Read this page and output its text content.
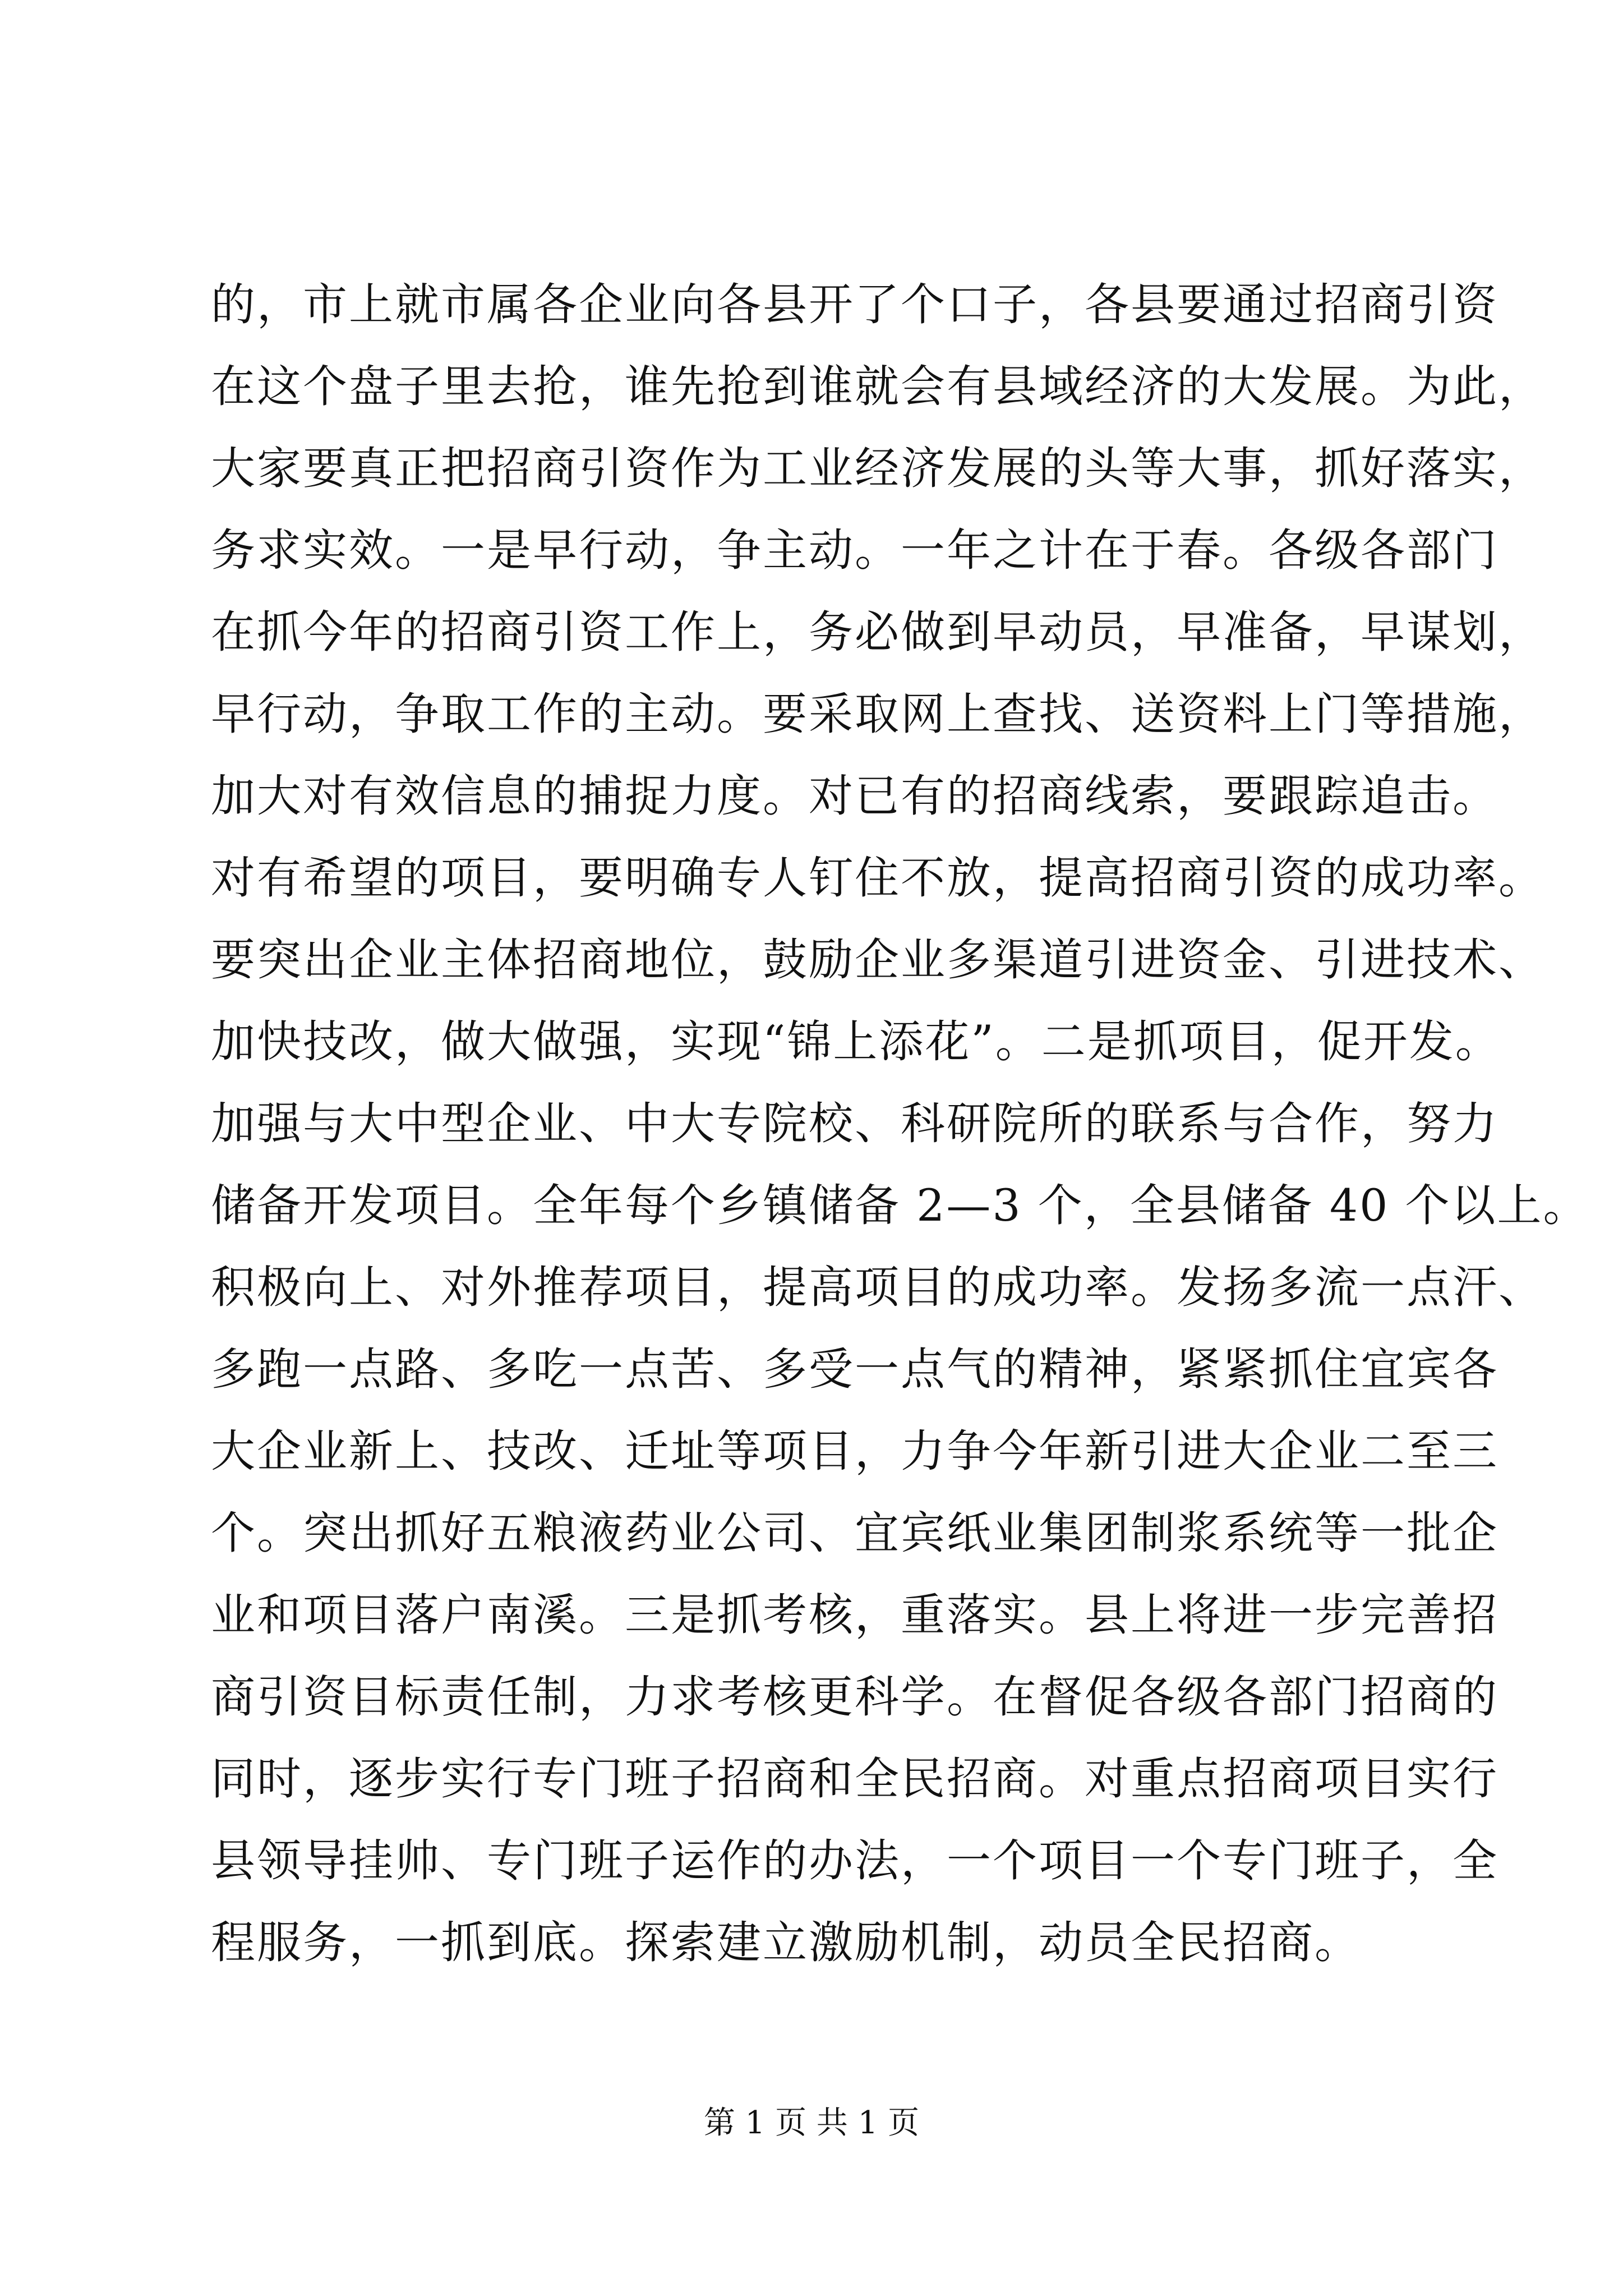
的，市上就市属各企业向各县开了个口子，各县要通过招商引资
在这个盘子里去抢，谁先抢到谁就会有县域经济的大发展。为此，
大家要真正把招商引资作为工业经济发展的头等大事，抓好落实，
务求实效。一是早行动，争主动。一年之计在于春。各级各部门
在抓今年的招商引资工作上，务必做到早动员，早准备，早谋划，
早行动，争取工作的主动。要采取网上查找、送资料上门等措施，
加大对有效信息的捕捉力度。对已有的招商线索，要跟踪追击。
对有希望的项目，要明确专人钉住不放，提高招商引资的成功率。
要突出企业主体招商地位，鼓励企业多渠道引进资金、引进技术、
加快技改，做大做强，实现“锦上添花”。二是抓项目，促开发。
加强与大中型企业、中大专院校、科研院所的联系与合作，努力
储备开发项目。全年每个乡镇储备 2—3 个，全县储备 40 个以上。
积极向上、对外推荐项目，提高项目的成功率。发扬多流一点汗、
多跑一点路、多吃一点苦、多受一点气的精神，紧紧抓住宜宾各
大企业新上、技改、迁址等项目，力争今年新引进大企业二至三
个。突出抓好五粮液药业公司、宜宾纸业集团制浆系统等一批企
业和项目落户南溪。三是抓考核，重落实。县上将进一步完善招
商引资目标责任制，力求考核更科学。在督促各级各部门招商的
同时，逐步实行专门班子招商和全民招商。对重点招商项目实行
县领导挂帅、专门班子运作的办法，一个项目一个专门班子，全
程服务，一抓到底。探索建立激励机制，动员全民招商。
第 1 页 共 1 页
